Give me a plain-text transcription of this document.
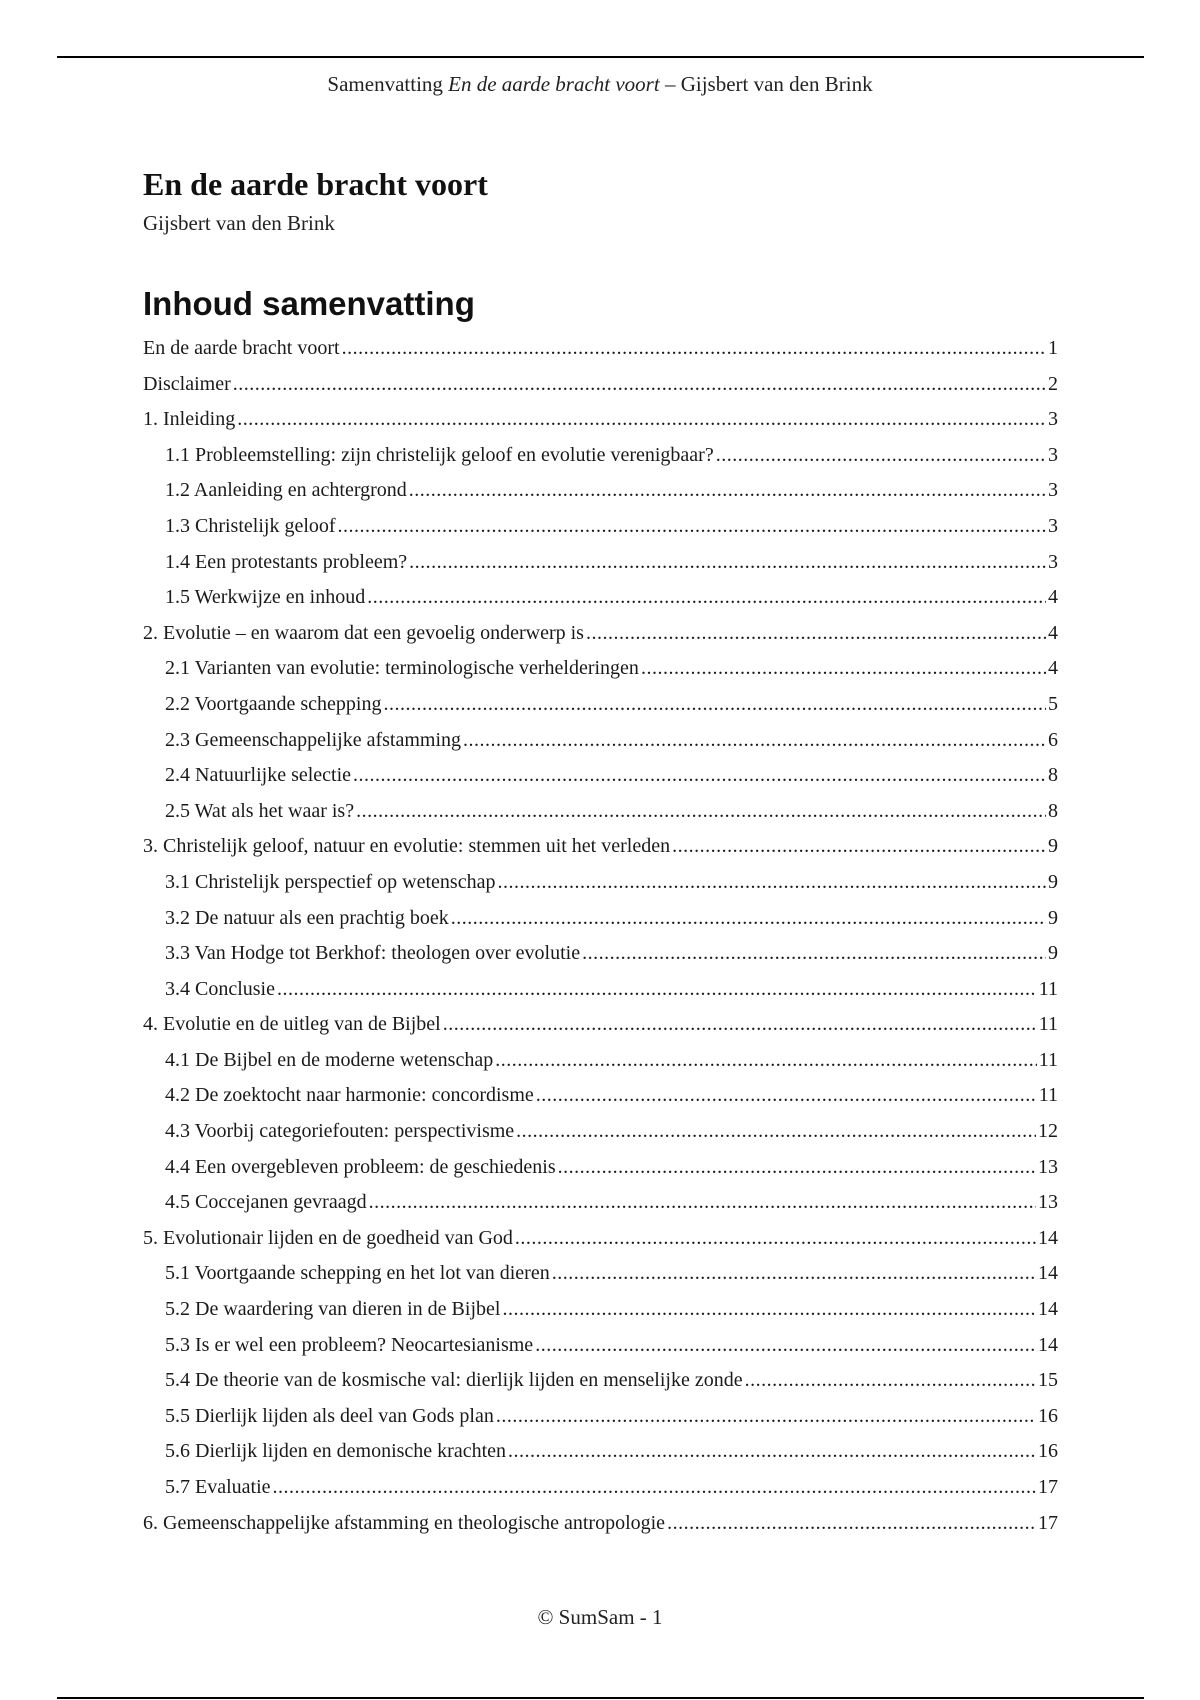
Samenvatting En de aarde bracht voort – Gijsbert van den Brink
En de aarde bracht voort
Gijsbert van den Brink
Inhoud samenvatting
En de aarde bracht voort .....	1
Disclaimer .....	2
1. Inleiding .....	3
1.1 Probleemstelling: zijn christelijk geloof en evolutie verenigbaar? .....	3
1.2 Aanleiding en achtergrond .....	3
1.3 Christelijk geloof .....	3
1.4 Een protestants probleem? .....	3
1.5 Werkwijze en inhoud .....	4
2. Evolutie – en waarom dat een gevoelig onderwerp is .....	4
2.1 Varianten van evolutie: terminologische verhelderingen .....	4
2.2 Voortgaande schepping .....	5
2.3 Gemeenschappelijke afstamming .....	6
2.4 Natuurlijke selectie .....	8
2.5 Wat als het waar is? .....	8
3. Christelijk geloof, natuur en evolutie: stemmen uit het verleden .....	9
3.1 Christelijk perspectief op wetenschap .....	9
3.2 De natuur als een prachtig boek .....	9
3.3 Van Hodge tot Berkhof: theologen over evolutie .....	9
3.4 Conclusie .....	11
4. Evolutie en de uitleg van de Bijbel .....	11
4.1 De Bijbel en de moderne wetenschap .....	11
4.2 De zoektocht naar harmonie: concordisme .....	11
4.3 Voorbij categoriefouten: perspectivisme .....	12
4.4 Een overgebleven probleem: de geschiedenis .....	13
4.5 Coccejanen gevraagd .....	13
5. Evolutionair lijden en de goedheid van God .....	14
5.1 Voortgaande schepping en het lot van dieren .....	14
5.2 De waardering van dieren in de Bijbel .....	14
5.3 Is er wel een probleem? Neocartesianisme .....	14
5.4 De theorie van de kosmische val: dierlijk lijden en menselijke zonde .....	15
5.5 Dierlijk lijden als deel van Gods plan .....	16
5.6 Dierlijk lijden en demonische krachten .....	16
5.7 Evaluatie .....	17
6. Gemeenschappelijke afstamming en theologische antropologie .....	17
© SumSam - 1
